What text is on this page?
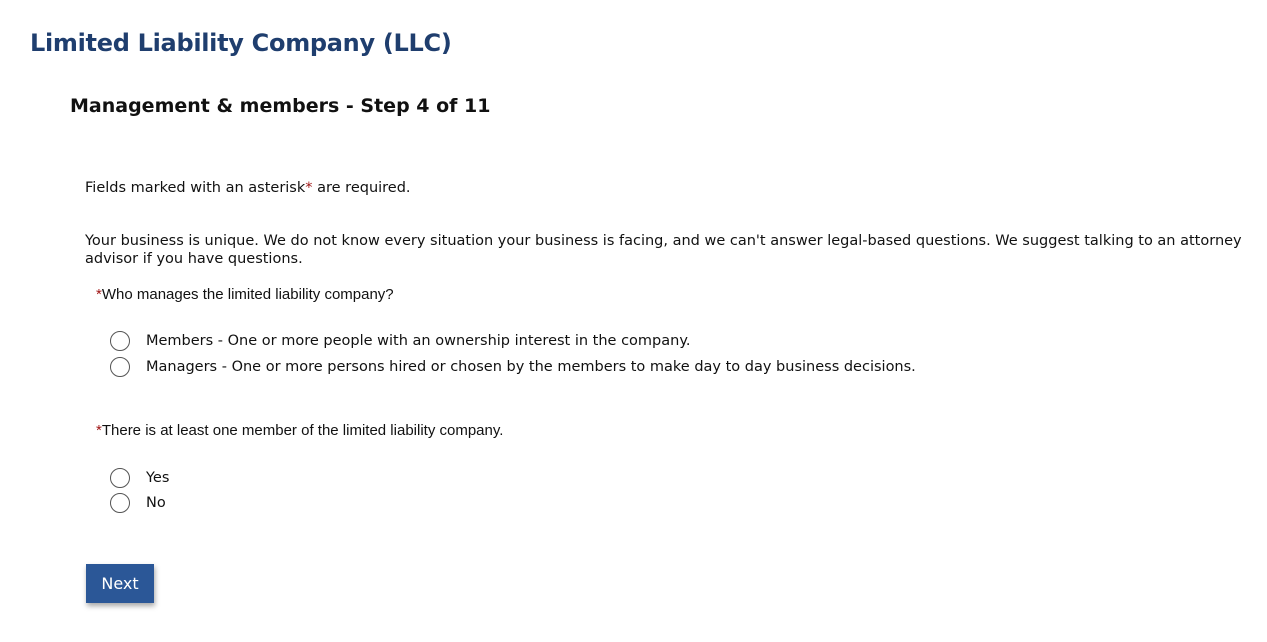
Limited Liability Company (LLC)
Management & members - Step 4 of 11
Fields marked with an asterisk* are required.
Your business is unique. We do not know every situation your business is facing, and we can't answer legal-based questions. We suggest talking to an attorney
advisor if you have questions.
*Who manages the limited liability company?
Members - One or more people with an ownership interest in the company.
Managers - One or more persons hired or chosen by the members to make day to day business decisions.
*There is at least one member of the limited liability company.
Yes
No
Next
